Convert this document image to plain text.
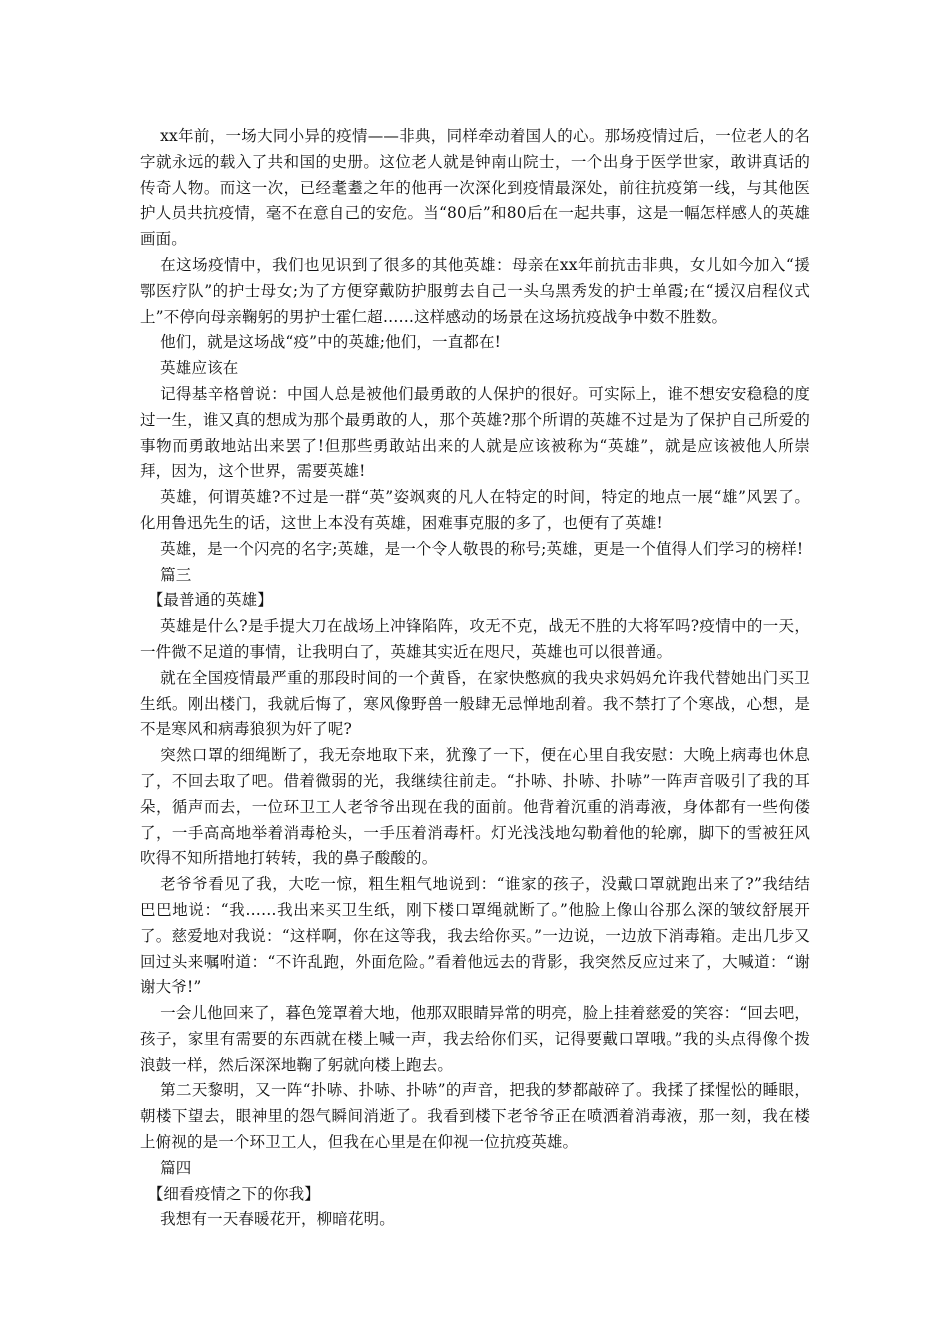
xx年前，一场大同小异的疫情——非典，同样牵动着国人的心。那场疫情过后，一位老人的名字就永远的载入了共和国的史册。这位老人就是钟南山院士，一个出身于医学世家，敢讲真话的传奇人物。而这一次，已经耄耋之年的他再一次深化到疫情最深处，前往抗疫第一线，与其他医护人员共抗疫情，毫不在意自己的安危。当“80后”和80后在一起共事，这是一幅怎样感人的英雄画面。

在这场疫情中，我们也见识到了很多的其他英雄：母亲在xx年前抗击非典，女儿如今加入“援鄂医疗队”的护士母女;为了方便穿戴防护服剪去自己一头乌黑秀发的护士单霞;在“援汉启程仪式上”不停向母亲鞠躬的男护士霍仁超……这样感动的场景在这场抗疫战争中数不胜数。

他们，就是这场战“疫”中的英雄;他们，一直都在!

英雄应该在

记得基辛格曾说：中国人总是被他们最勇敢的人保护的很好。可实际上，谁不想安安稳稳的度过一生，谁又真的想成为那个最勇敢的人，那个英雄?那个所谓的英雄不过是为了保护自己所爱的事物而勇敢地站出来罢了!但那些勇敢站出来的人就是应该被称为“英雄”，就是应该被他人所崇拜，因为，这个世界，需要英雄!

英雄，何谓英雄?不过是一群“英”姿飒爽的凡人在特定的时间，特定的地点一展“雄”风罢了。化用鲁迅先生的话，这世上本没有英雄，困难事克服的多了，也便有了英雄!

英雄，是一个闪亮的名字;英雄，是一个令人敬畏的称号;英雄，更是一个值得人们学习的榜样!

篇三

【最普通的英雄】

英雄是什么?是手提大刀在战场上冲锋陷阵，攻无不克，战无不胜的大将军吗?疫情中的一天，一件微不足道的事情，让我明白了，英雄其实近在咫尺，英雄也可以很普通。

就在全国疫情最严重的那段时间的一个黄昏，在家快憋疯的我央求妈妈允许我代替她出门买卫生纸。刚出楼门，我就后悔了，寒风像野兽一般肆无忌惮地刮着。我不禁打了个寒战，心想，是不是寒风和病毒狼狈为奸了呢?

突然口罩的细绳断了，我无奈地取下来，犹豫了一下，便在心里自我安慰：大晚上病毒也休息了，不回去取了吧。借着微弱的光，我继续往前走。“扑哧、扑哧、扑哧”一阵声音吸引了我的耳朵，循声而去，一位环卫工人老爷爷出现在我的面前。他背着沉重的消毒液，身体都有一些佝偻了，一手高高地举着消毒枪头，一手压着消毒杆。灯光浅浅地勾勒着他的轮廓，脚下的雪被狂风吹得不知所措地打转转，我的鼻子酸酸的。

老爷爷看见了我，大吃一惊，粗生粗气地说到：“谁家的孩子，没戴口罩就跑出来了?”我结结巴巴地说：“我……我出来买卫生纸，刚下楼口罩绳就断了。”他脸上像山谷那么深的皱纹舒展开了。慈爱地对我说：“这样啊，你在这等我，我去给你买。”一边说，一边放下消毒箱。走出几步又回过头来嘱咐道：“不许乱跑，外面危险。”看着他远去的背影，我突然反应过来了，大喊道：“谢谢大爷!”

一会儿他回来了，暮色笼罩着大地，他那双眼睛异常的明亮，脸上挂着慈爱的笑容：“回去吧，孩子，家里有需要的东西就在楼上喊一声，我去给你们买，记得要戴口罩哦。”我的头点得像个拨浪鼓一样，然后深深地鞠了躬就向楼上跑去。

第二天黎明，又一阵“扑哧、扑哧、扑哧”的声音，把我的梦都敲碎了。我揉了揉惺忪的睡眼，朝楼下望去，眼神里的怨气瞬间消逝了。我看到楼下老爷爷正在喷洒着消毒液，那一刻，我在楼上俯视的是一个环卫工人，但我在心里是在仰视一位抗疫英雄。

篇四

【细看疫情之下的你我】

我想有一天春暖花开，柳暗花明。
